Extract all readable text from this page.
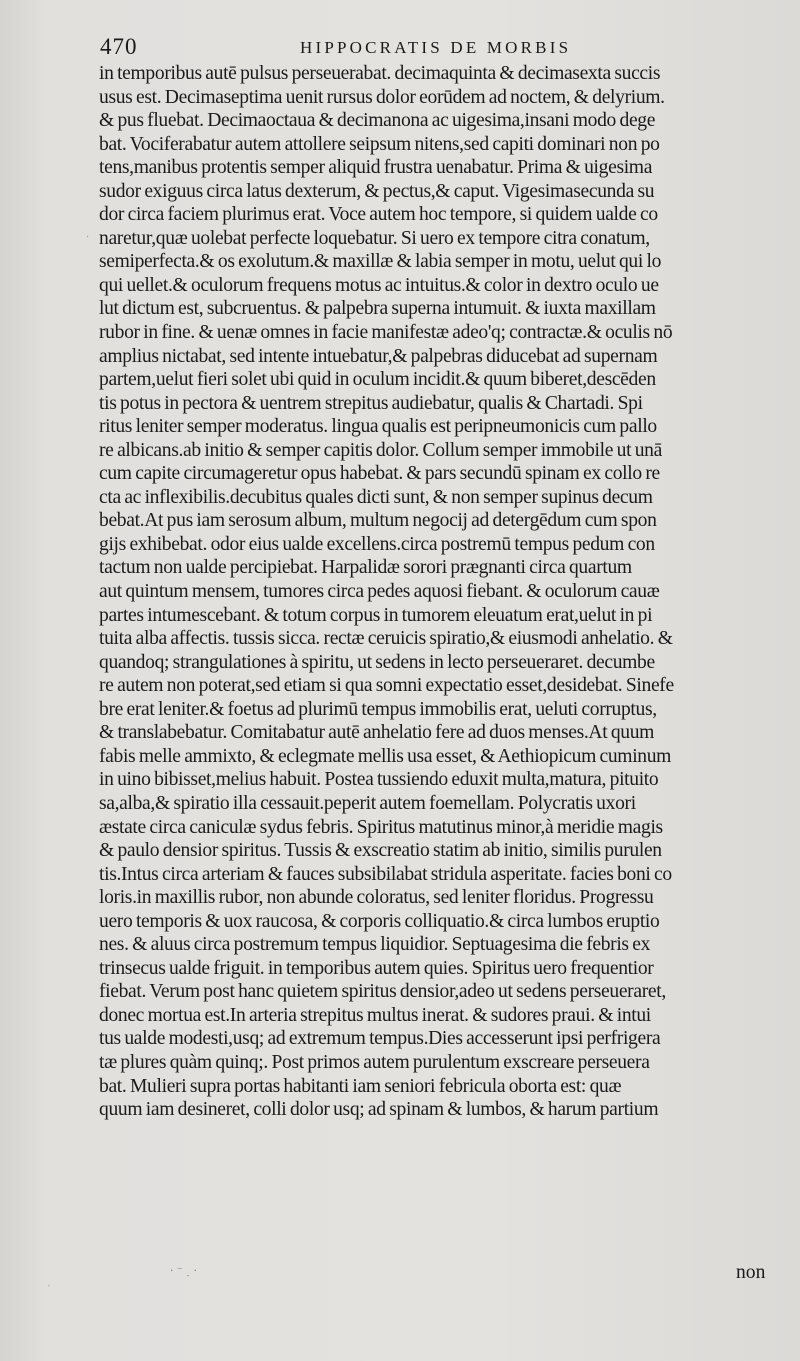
470	HIPPOCRATIS DE MORBIS
in temporibus autē pulsus perseuerabat. decimaquinta & decimasexta succis
usus est. Decimaseptima uenit rursus dolor eorūdem ad noctem, & delyrium.
& pus fluebat. Decimaoctaua & decimanona ac uigesima,insani modo dege
bat. Vociferabatur autem attollere seipsum nitens,sed capiti dominari non po
tens,manibus protentis semper aliquid frustra uenabatur. Prima & uigesima
sudor exiguus circa latus dexterum, & pectus,& caput. Vigesimasecunda su
dor circa faciem plurimus erat. Voce autem hoc tempore, si quidem ualde co
naretur,quæ uolebat perfecte loquebatur. Si uero ex tempore citra conatum,
semiperfecta.& os exolutum.& maxillæ & labia semper in motu, uelut qui lo
qui uellet.& oculorum frequens motus ac intuitus.& color in dextro oculo ue
lut dictum est, subcruentus. & palpebra superna intumuit. & iuxta maxillam
rubor in fine. & uenæ omnes in facie manifestæ adeo'q; contractæ.& oculis nō
amplius nictabat, sed intente intuebatur,& palpebras diducebat ad supernam
partem,uelut fieri solet ubi quid in oculum incidit.& quum biberet,descēden
tis potus in pectora & uentrem strepitus audiebatur, qualis & Chartadi. Spi
ritus leniter semper moderatus. lingua qualis est peripneumonicis cum pallo
re albicans.ab initio & semper capitis dolor. Collum semper immobile ut unā
cum capite circumageretur opus habebat. & pars secundū spinam ex collo re
cta ac inflexibilis.decubitus quales dicti sunt, & non semper supinus decum
bebat.At pus iam serosum album, multum negocij ad detergēdum cum spon
gijs exhibebat. odor eius ualde excellens.circa postremū tempus pedum con
tactum non ualde percipiebat. Harpalidæ sorori prægnanti circa quartum
aut quintum mensem, tumores circa pedes aquosi fiebant. & oculorum cauæ
partes intumescebant. & totum corpus in tumorem eleuatum erat,uelut in pi
tuita alba affectis. tussis sicca. rectæ ceruicis spiratio,& eiusmodi anhelatio. &
quandoq; strangulationes à spiritu, ut sedens in lecto perseueraret. decumbe
re autem non poterat,sed etiam si qua somni expectatio esset,desidebat. Sinefe
bre erat leniter.& foetus ad plurimū tempus immobilis erat, ueluti corruptus,
& translabebatur. Comitabatur autē anhelatio fere ad duos menses.At quum
fabis melle ammixto, & eclegmate mellis usa esset, & Aethiopicum cuminum
in uino bibisset,melius habuit. Postea tussiendo eduxit multa,matura, pituito
sa,alba,& spiratio illa cessauit.peperit autem foemellam. Polycratis uxori
æstate circa caniculæ sydus febris. Spiritus matutinus minor,à meridie magis
& paulo densior spiritus. Tussis & exscreatio statim ab initio, similis purulen
tis.Intus circa arteriam & fauces subsibilabat stridula asperitate. facies boni co
loris.in maxillis rubor, non abunde coloratus, sed leniter floridus. Progressu
uero temporis & uox raucosa, & corporis colliquatio.& circa lumbos eruptio
nes. & aluus circa postremum tempus liquidior. Septuagesima die febris ex
trinsecus ualde friguit. in temporibus autem quies. Spiritus uero frequentior
fiebat. Verum post hanc quietem spiritus densior,adeo ut sedens perseueraret,
donec mortua est.In arteria strepitus multus inerat. & sudores praui. & intui
tus ualde modesti,usq; ad extremum tempus.Dies accesserunt ipsi perfrigera
tæ plures quàm quinq;. Post primos autem purulentum exscreare perseuera
bat. Mulieri supra portas habitanti iam seniori febricula oborta est: quæ
quum iam desineret, colli dolor usq; ad spinam & lumbos, & harum partium
non
· ⁻ ˎ ·
·
ˊ
